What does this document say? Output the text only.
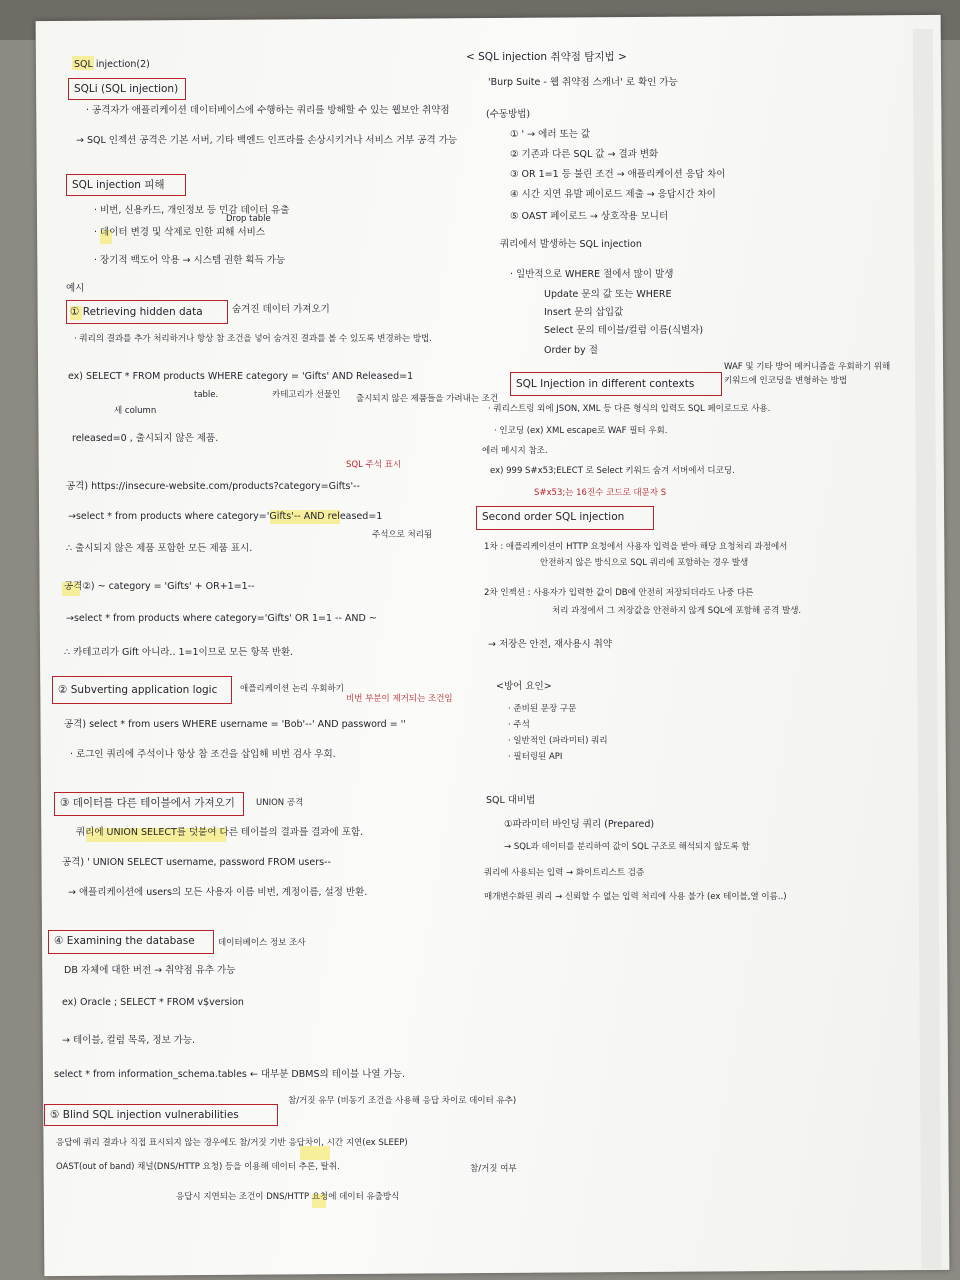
SQL injection(2)
SQLi (SQL injection)
· 공격자가 애플리케이션 데이터베이스에 수행하는 쿼리를 방해할 수 있는 웹보안 취약점
→ SQL 인젝션 공격은 기본 서버, 기타 백엔드 인프라를 손상시키거나 서비스 거부 공격 가능
SQL injection 피해
· 비번, 신용카드, 개인정보 등 민감 데이터 유출
Drop table
· 데이터 변경 및 삭제로 인한 피해 서비스
· 장기적 백도어 악용 → 시스템 권한 획득 가능
예시
① Retrieving hidden data	숨겨진 데이터 가져오기
· 쿼리의 결과를 추가 처리하거나 항상 참 조건을 넣어 숨겨진 결과를 볼 수 있도록 변경하는 방법.
ex) SELECT * FROM products WHERE category = 'Gifts' AND Released=1
세 column
table.	카테고리가 선물인 출시되지 않은 제품들을 가려내는 조건
released=0 , 출시되지 않은 제품.
SQL 주석 표시
공격) https://insecure-website.com/products?category=Gifts'--
→select * from products where category='Gifts'-- AND released=1
주석으로 처리됨
∴ 출시되지 않은 제품 포함한 모든 제품 표시.
공격②) ~ category = 'Gifts' + OR+1=1--
→select * from products where category='Gifts' OR 1=1 -- AND ~
∴ 카테고리가 Gift 아니라.. 1=1이므로 모든 항목 반환.
② Subverting application logic	애플리케이션 논리 우회하기
비번 부분이 제거되는 조건임
공격) select * from users WHERE username = 'Bob'--' AND password = ''
· 로그인 쿼리에 주석이나 항상 참 조건을 삽입해 비번 검사 우회.
③ 데이터를 다른 테이블에서 가져오기 UNION 공격
쿼리에 UNION SELECT를 덧붙여 다른 테이블의 결과를 결과에 포함.
공격) ' UNION SELECT username, password FROM users--
→ 애플리케이션에 users의 모든 사용자 이름 비번, 계정이름, 설정 반환.
④ Examining the database	데이터베이스 정보 조사
DB 자체에 대한 버전 → 취약점 유추 가능
ex) Oracle ; SELECT * FROM v$version
→ 테이블, 컬럼 목록, 정보 가능.
select * from information_schema.tables ← 대부분 DBMS의 테이블 나열 가능.
참/거짓 유무 (비동기 조건을 사용해 응답 차이로 데이터 유추)
⑤ Blind SQL injection vulnerabilities
응답에 쿼리 결과나 직접 표시되지 않는 경우에도 참/거짓 기반 응답차이, 시간 지연(ex SLEEP)
OAST(out of band) 채널(DNS/HTTP 요청) 등을 이용해 데이터 추론, 탈취.
응답시 지연되는 조건이 DNS/HTTP 요청에 데이터 유출방식
참/거짓 여부
< SQL injection 취약점 탐지법 >
'Burp Suite - 웹 취약점 스캐너' 로 확인 가능
(수동방법)
① ' → 에러 또는 값
② 기존과 다른 SQL 값 → 결과 변화
③ OR 1=1 등 불린 조건 → 애플리케이션 응답 차이
④ 시간 지연 유발 페이로드 제출 → 응답시간 차이
⑤ OAST 페이로드 → 상호작용 모니터
쿼리에서 발생하는 SQL injection
· 일반적으로 WHERE 절에서 많이 발생
Update 문의 값 또는 WHERE
Insert 문의 삽입값
Select 문의 테이블/컬럼 이름(식별자)
Order by 절
SQL Injection in different contexts
WAF 및 기타 방어 메커니즘을 우회하기 위해 키워드에 인코딩을 변형하는 방법
· 쿼리스트링 외에 JSON, XML 등 다른 형식의 입력도 SQL 페이로드로 사용.
· 인코딩 (ex) XML escape로 WAF 필터 우회.
에러 메시지 참조.
ex) 999 S#x53;ELECT 로 Select 키워드 숨겨 서버에서 디코딩.
S#x53;는 16진수 코드로 대문자 S
Second order SQL injection
1차 : 애플리케이션이 HTTP 요청에서 사용자 입력을 받아 해당 요청처리 과정에서
안전하지 않은 방식으로 SQL 쿼리에 포함하는 경우 발생
2차 인젝션 : 사용자가 입력한 값이 DB에 안전히 저장되더라도 나중 다른
처리 과정에서 그 저장값을 안전하지 않게 SQL에 포함해 공격 발생.
→ 저장은 안전, 재사용시 취약
<방어 요인>
· 준비된 문장 구문
· 주석
· 일반적인 (파라미터) 쿼리
· 필터링된 API
SQL 대비법
①파라미터 바인딩 쿼리 (Prepared)
→ SQL과 데이터를 분리하여 값이 SQL 구조로 해석되지 않도록 함
쿼리에 사용되는 입력 → 화이트리스트 검증
매개변수화된 쿼리 → 신뢰할 수 없는 입력 처리에 사용 불가 (ex 테이블,열 이름..)
